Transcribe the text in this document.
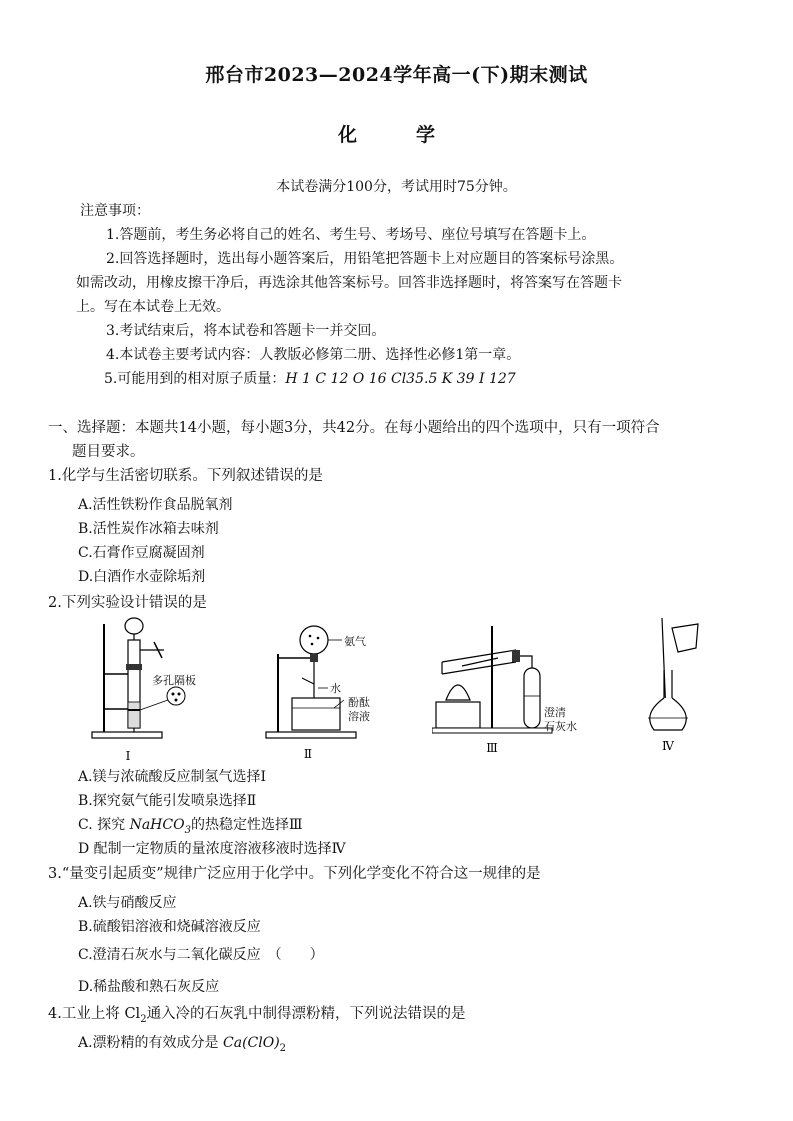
邢台市2023—2024学年高一(下)期末测试
化　学
本试卷满分100分，考试用时75分钟。
注意事项：
1.答题前，考生务必将自己的姓名、考生号、考场号、座位号填写在答题卡上。
2.回答选择题时，选出每小题答案后，用铅笔把答题卡上对应题目的答案标号涂黑。
如需改动，用橡皮擦干净后，再选涂其他答案标号。回答非选择题时，将答案写在答题卡
上。写在本试卷上无效。
3.考试结束后，将本试卷和答题卡一并交回。
4.本试卷主要考试内容：人教版必修第二册、选择性必修1第一章。
5.可能用到的相对原子质量：H 1 C 12 O 16 Cl35.5 K 39 I 127
一、选择题：本题共14小题，每小题3分，共42分。在每小题给出的四个选项中，只有一项符合
题目要求。
1.化学与生活密切联系。下列叙述错误的是
A.活性铁粉作食品脱氧剂
B.活性炭作冰箱去味剂
C.石膏作豆腐凝固剂
D.白酒作水壶除垢剂
2.下列实验设计错误的是
Ⅰ
多孔隔板
Ⅱ
氨气
水
酚酞
溶液
Ⅲ
澄清
石灰水
Ⅳ
A.镁与浓硫酸反应制氢气选择Ⅰ
B.探究氨气能引发喷泉选择Ⅱ
C. 探究 NaHCO$_3$的热稳定性选择Ⅲ
D 配制一定物质的量浓度溶液移液时选择Ⅳ
3.“量变引起质变”规律广泛应用于化学中。下列化学变化不符合这一规律的是
A.铁与硝酸反应
B.硫酸铝溶液和烧碱溶液反应
C.澄清石灰水与二氧化碳反应　（　　）
D.稀盐酸和熟石灰反应
4.工业上将 $Cl_2$通入冷的石灰乳中制得漂粉精，下列说法错误的是
A.漂粉精的有效成分是 $Ca(ClO)_2$
